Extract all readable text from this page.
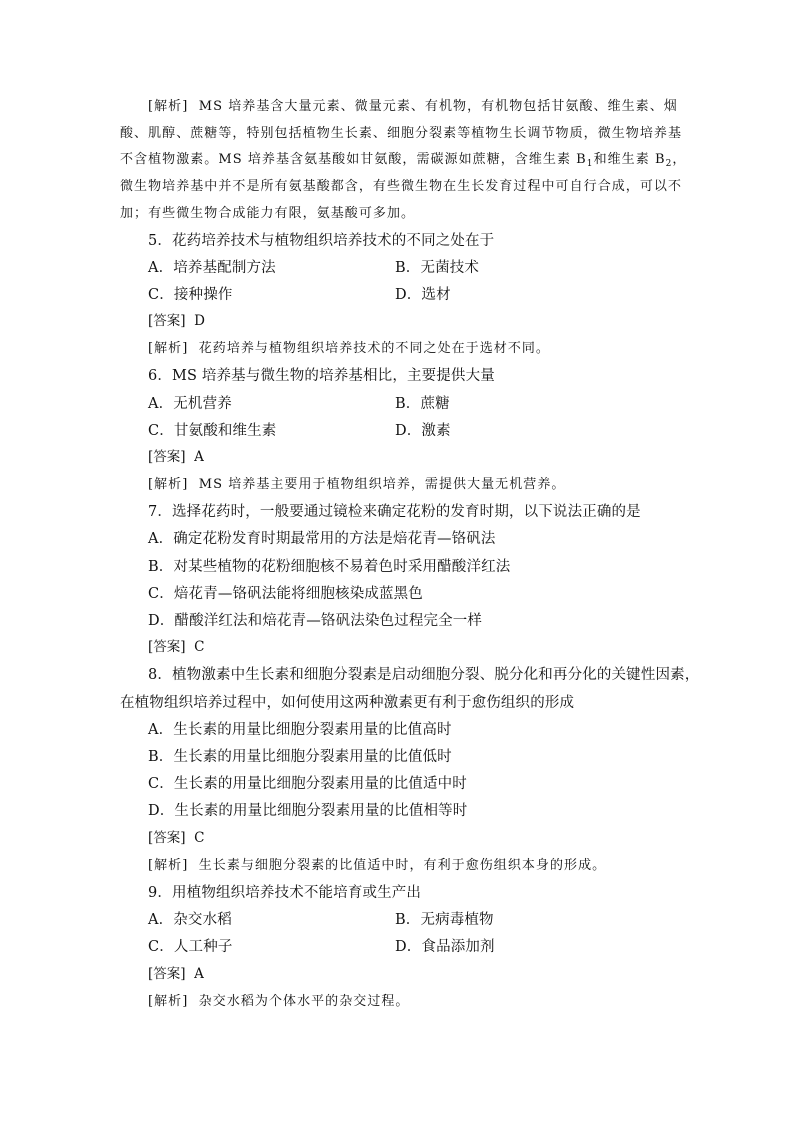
[解析] MS 培养基含大量元素、微量元素、有机物，有机物包括甘氨酸、维生素、烟
酸、肌醇、蔗糖等，特别包括植物生长素、细胞分裂素等植物生长调节物质，微生物培养基
不含植物激素。MS 培养基含氨基酸如甘氨酸，需碳源如蔗糖，含维生素 $B_1$和维生素 $B_2$，
微生物培养基中并不是所有氨基酸都含，有些微生物在生长发育过程中可自行合成，可以不
加；有些微生物合成能力有限，氨基酸可多加。
5．花药培养技术与植物组织培养技术的不同之处在于
A．培养基配制方法	B．无菌技术
C．接种操作	D．选材
[答案] D
[解析] 花药培养与植物组织培养技术的不同之处在于选材不同。
6．MS 培养基与微生物的培养基相比，主要提供大量
A．无机营养	B．蔗糖
C．甘氨酸和维生素	D．激素
[答案] A
[解析] MS 培养基主要用于植物组织培养，需提供大量无机营养。
7．选择花药时，一般要通过镜检来确定花粉的发育时期，以下说法正确的是
A．确定花粉发育时期最常用的方法是焙花青—铬矾法
B．对某些植物的花粉细胞核不易着色时采用醋酸洋红法
C．焙花青—铬矾法能将细胞核染成蓝黑色
D．醋酸洋红法和焙花青—铬矾法染色过程完全一样
[答案] C
8．植物激素中生长素和细胞分裂素是启动细胞分裂、脱分化和再分化的关键性因素，
在植物组织培养过程中，如何使用这两种激素更有利于愈伤组织的形成
A．生长素的用量比细胞分裂素用量的比值高时
B．生长素的用量比细胞分裂素用量的比值低时
C．生长素的用量比细胞分裂素用量的比值适中时
D．生长素的用量比细胞分裂素用量的比值相等时
[答案] C
[解析] 生长素与细胞分裂素的比值适中时，有利于愈伤组织本身的形成。
9．用植物组织培养技术不能培育或生产出
A．杂交水稻	B．无病毒植物
C．人工种子	D．食品添加剂
[答案] A
[解析] 杂交水稻为个体水平的杂交过程。
